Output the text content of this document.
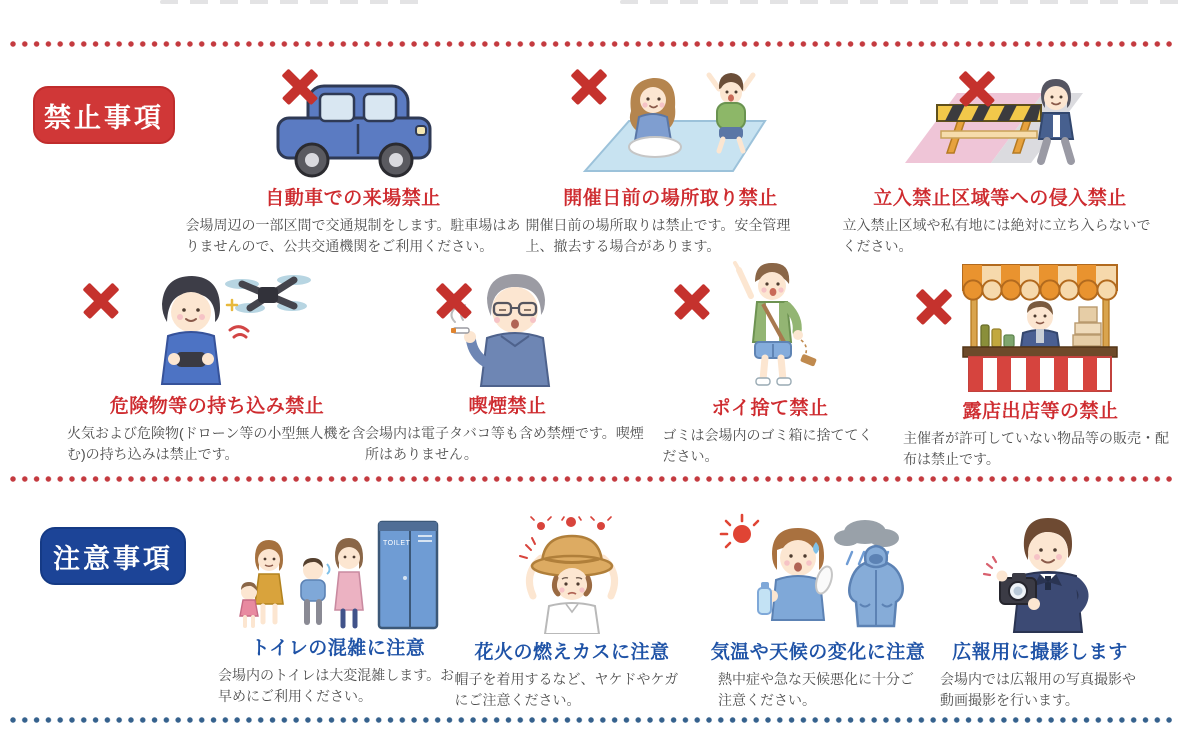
禁止事項
注意事項
自動車での来場禁止
会場周辺の一部区間で交通規制をします。駐車場はありませんので、公共交通機関をご利用ください。
開催日前の場所取り禁止
開催日前の場所取りは禁止です。安全管理上、撤去する場合があります。
立入禁止区域等への侵入禁止
立入禁止区域や私有地には絶対に立ち入らないでください。
危険物等の持ち込み禁止
火気および危険物(ドローン等の小型無人機を含む)の持ち込みは禁止です。
喫煙禁止
会場内は電子タバコ等も含め禁煙です。喫煙所はありません。
ポイ捨て禁止
ゴミは会場内のゴミ箱に捨ててください。
露店出店等の禁止
主催者が許可していない物品等の販売・配布は禁止です。
TOILET
トイレの混雑に注意
会場内のトイレは大変混雑します。お早めにご利用ください。
花火の燃えカスに注意
帽子を着用するなど、ヤケドやケガにご注意ください。
気温や天候の変化に注意
熱中症や急な天候悪化に十分ご注意ください。
広報用に撮影します
会場内では広報用の写真撮影や動画撮影を行います。
